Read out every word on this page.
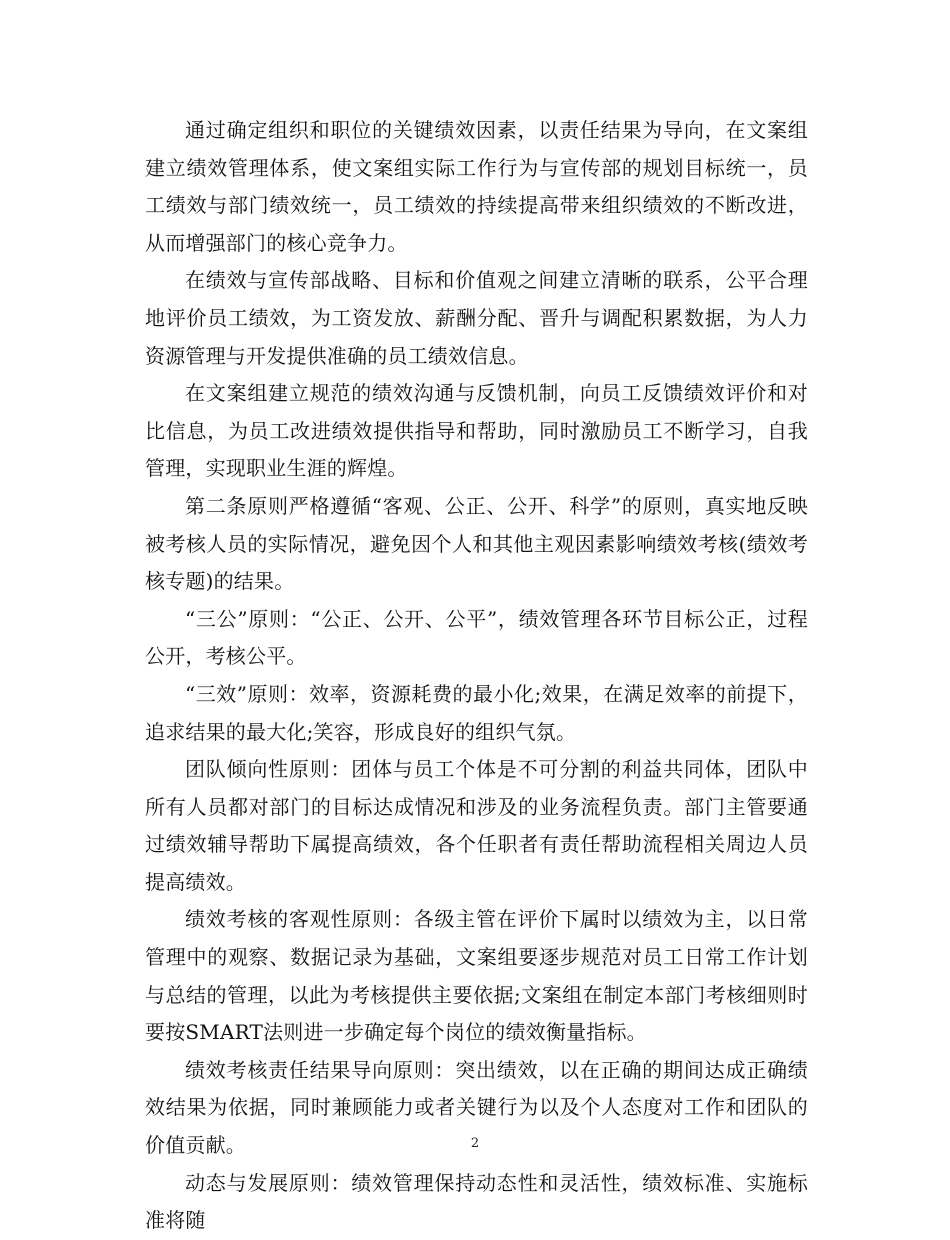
通过确定组织和职位的关键绩效因素，以责任结果为导向，在文案组建立绩效管理体系，使文案组实际工作行为与宣传部的规划目标统一，员工绩效与部门绩效统一，员工绩效的持续提高带来组织绩效的不断改进，从而增强部门的核心竞争力。

在绩效与宣传部战略、目标和价值观之间建立清晰的联系，公平合理地评价员工绩效，为工资发放、薪酬分配、晋升与调配积累数据，为人力资源管理与开发提供准确的员工绩效信息。

在文案组建立规范的绩效沟通与反馈机制，向员工反馈绩效评价和对比信息，为员工改进绩效提供指导和帮助，同时激励员工不断学习，自我管理，实现职业生涯的辉煌。

第二条原则严格遵循“客观、公正、公开、科学”的原则，真实地反映被考核人员的实际情况，避免因个人和其他主观因素影响绩效考核(绩效考核专题)的结果。

“三公”原则：“公正、公开、公平”，绩效管理各环节目标公正，过程公开，考核公平。

“三效”原则：效率，资源耗费的最小化;效果，在满足效率的前提下，追求结果的最大化;笑容，形成良好的组织气氛。

团队倾向性原则：团体与员工个体是不可分割的利益共同体，团队中所有人员都对部门的目标达成情况和涉及的业务流程负责。部门主管要通过绩效辅导帮助下属提高绩效，各个任职者有责任帮助流程相关周边人员提高绩效。

绩效考核的客观性原则：各级主管在评价下属时以绩效为主，以日常管理中的观察、数据记录为基础，文案组要逐步规范对员工日常工作计划与总结的管理，以此为考核提供主要依据;文案组在制定本部门考核细则时要按SMART法则进一步确定每个岗位的绩效衡量指标。

绩效考核责任结果导向原则：突出绩效，以在正确的期间达成正确绩效结果为依据，同时兼顾能力或者关键行为以及个人态度对工作和团队的价值贡献。

动态与发展原则：绩效管理保持动态性和灵活性，绩效标准、实施标准将随

2
